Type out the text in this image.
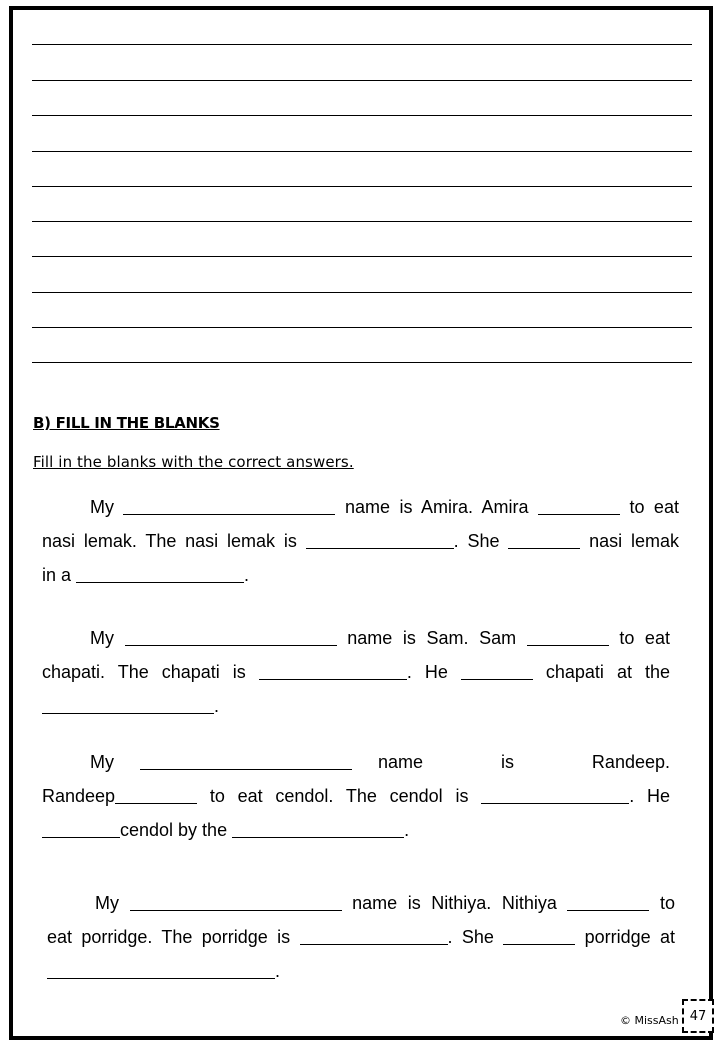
B) FILL IN THE BLANKS
Fill in the blanks with the correct answers.
My	name is Amira. Amira	to eat
nasi lemak. The nasi lemak is	. She	nasi lemak
in a	.
My	name is Sam. Sam	to eat
chapati. The chapati is	. He	chapati at the
.
My	name is Randeep.
Randeep	to eat cendol. The cendol is	. He
cendol by the	.
My	name is Nithiya. Nithiya	to
eat porridge. The porridge is	. She	porridge at
.
© MissAsh 47
